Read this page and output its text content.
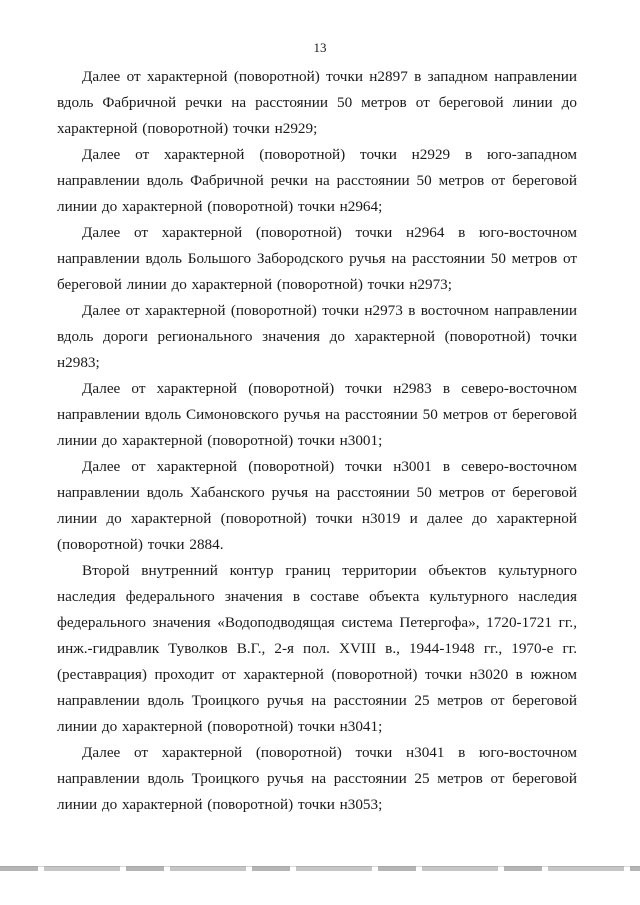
13

Далее от характерной (поворотной) точки н2897 в западном направлении вдоль Фабричной речки на расстоянии 50 метров от береговой линии до характерной (поворотной) точки н2929;

Далее от характерной (поворотной) точки н2929 в юго-западном направлении вдоль Фабричной речки на расстоянии 50 метров от береговой линии до характерной (поворотной) точки н2964;

Далее от характерной (поворотной) точки н2964 в юго-восточном направлении вдоль Большого Забородского ручья на расстоянии 50 метров от береговой линии до характерной (поворотной) точки н2973;

Далее от характерной (поворотной) точки н2973 в восточном направлении вдоль дороги регионального значения до характерной (поворотной) точки н2983;

Далее от характерной (поворотной) точки н2983 в северо-восточном направлении вдоль Симоновского ручья на расстоянии 50 метров от береговой линии до характерной (поворотной) точки н3001;

Далее от характерной (поворотной) точки н3001 в северо-восточном направлении вдоль Хабанского ручья на расстоянии 50 метров от береговой линии до характерной (поворотной) точки н3019 и далее до характерной (поворотной) точки 2884.

Второй внутренний контур границ территории объектов культурного наследия федерального значения в составе объекта культурного наследия федерального значения «Водоподводящая система Петергофа», 1720-1721 гг., инж.-гидравлик Туволков В.Г., 2-я пол. XVIII в., 1944-1948 гг., 1970-е гг. (реставрация) проходит от характерной (поворотной) точки н3020 в южном направлении вдоль Троицкого ручья на расстоянии 25 метров от береговой линии до характерной (поворотной) точки н3041;

Далее от характерной (поворотной) точки н3041 в юго-восточном направлении вдоль Троицкого ручья на расстоянии 25 метров от береговой линии до характерной (поворотной) точки н3053;
